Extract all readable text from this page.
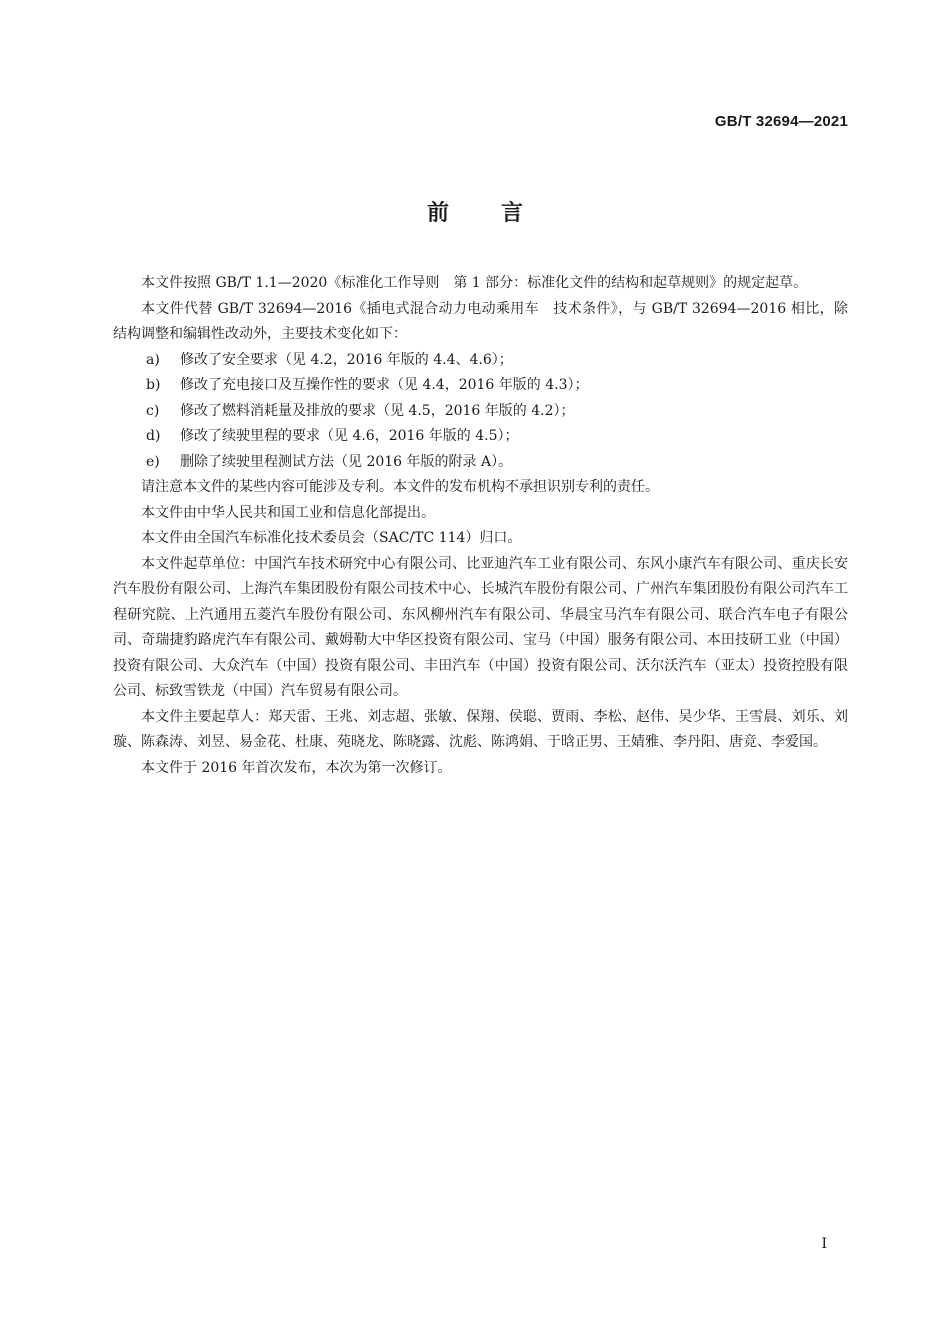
GB/T 32694—2021
前 言

本文件按照 GB/T 1.1—2020《标准化工作导则　第 1 部分：标准化文件的结构和起草规则》的规定起草。

本文件代替 GB/T 32694—2016《插电式混合动力电动乘用车　技术条件》，与 GB/T 32694—2016 相比，除结构调整和编辑性改动外，主要技术变化如下：

a) 修改了安全要求（见 4.2，2016 年版的 4.4、4.6）；

b) 修改了充电接口及互操作性的要求（见 4.4，2016 年版的 4.3）；

c) 修改了燃料消耗量及排放的要求（见 4.5，2016 年版的 4.2）；

d) 修改了续驶里程的要求（见 4.6，2016 年版的 4.5）；

e) 删除了续驶里程测试方法（见 2016 年版的附录 A）。

请注意本文件的某些内容可能涉及专利。本文件的发布机构不承担识别专利的责任。

本文件由中华人民共和国工业和信息化部提出。

本文件由全国汽车标准化技术委员会（SAC/TC 114）归口。

本文件起草单位：中国汽车技术研究中心有限公司、比亚迪汽车工业有限公司、东风小康汽车有限公司、重庆长安汽车股份有限公司、上海汽车集团股份有限公司技术中心、长城汽车股份有限公司、广州汽车集团股份有限公司汽车工程研究院、上汽通用五菱汽车股份有限公司、东风柳州汽车有限公司、华晨宝马汽车有限公司、联合汽车电子有限公司、奇瑞捷豹路虎汽车有限公司、戴姆勒大中华区投资有限公司、宝马（中国）服务有限公司、本田技研工业（中国）投资有限公司、大众汽车（中国）投资有限公司、丰田汽车（中国）投资有限公司、沃尔沃汽车（亚太）投资控股有限公司、标致雪铁龙（中国）汽车贸易有限公司。

本文件主要起草人：郑天雷、王兆、刘志超、张敏、保翔、侯聪、贾雨、李松、赵伟、吴少华、王雪晨、刘乐、刘璇、陈森涛、刘昱、易金花、杜康、苑晓龙、陈晓露、沈彪、陈鸿娟、于晗正男、王婧雅、李丹阳、唐竞、李爱国。

本文件于 2016 年首次发布，本次为第一次修订。

I
